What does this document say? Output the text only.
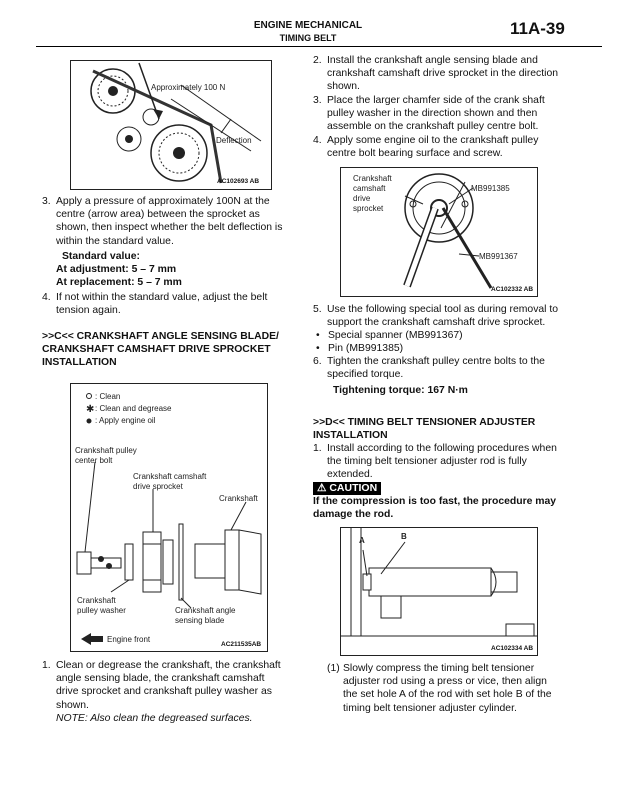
ENGINE MECHANICAL
TIMING BELT	11A-39
Approximately 100 N
Deflection
AC102693 AB
3. Apply a pressure of approximately 100N at the
centre (arrow area) between the sprocket as
shown, then inspect whether the belt deflection is
within the standard value.
Standard value:
At adjustment: 5 – 7 mm
At replacement: 5 – 7 mm
4. If not within the standard value, adjust the belt
tension again.
>>C<< CRANKSHAFT ANGLE SENSING BLADE/
CRANKSHAFT CAMSHAFT DRIVE SPROCKET
INSTALLATION
✱
: Clean
: Clean and degrease
: Apply engine oil
Crankshaft pulley
center bolt
Crankshaft camshaft
drive sprocket
Crankshaft
Crankshaft
pulley washer	Crankshaft angle
sensing blade
Engine front
AC211535AB
1. Clean or degrease the crankshaft, the crankshaft
angle sensing blade, the crankshaft camshaft
drive sprocket and crankshaft pulley washer as
shown.
NOTE: Also clean the degreased surfaces.
2. Install the crankshaft angle sensing blade and
crankshaft camshaft drive sprocket in the direction
shown.
3. Place the larger chamfer side of the crank shaft
pulley washer in the direction shown and then
assemble on the crankshaft pulley centre bolt.
4. Apply some engine oil to the crankshaft pulley
centre bolt bearing surface and screw.
Crankshaft
camshaft
drive
sprocket
MB991385
MB991367
AC102332 AB
5. Use the following special tool as during removal to
support the crankshaft camshaft drive sprocket.
• Special spanner (MB991367)
• Pin (MB991385)
6. Tighten the crankshaft pulley centre bolts to the
specified torque.
Tightening torque: 167 N·m
>>D<< TIMING BELT TENSIONER ADJUSTER
INSTALLATION
1. Install according to the following procedures when
the timing belt tensioner adjuster rod is fully
extended.
⚠ CAUTION
If the compression is too fast, the procedure may
damage the rod.
A	B
AC102334 AB
(1) Slowly compress the timing belt tensioner
adjuster rod using a press or vice, then align
the set hole A of the rod with set hole B of the
timing belt tensioner adjuster cylinder.
